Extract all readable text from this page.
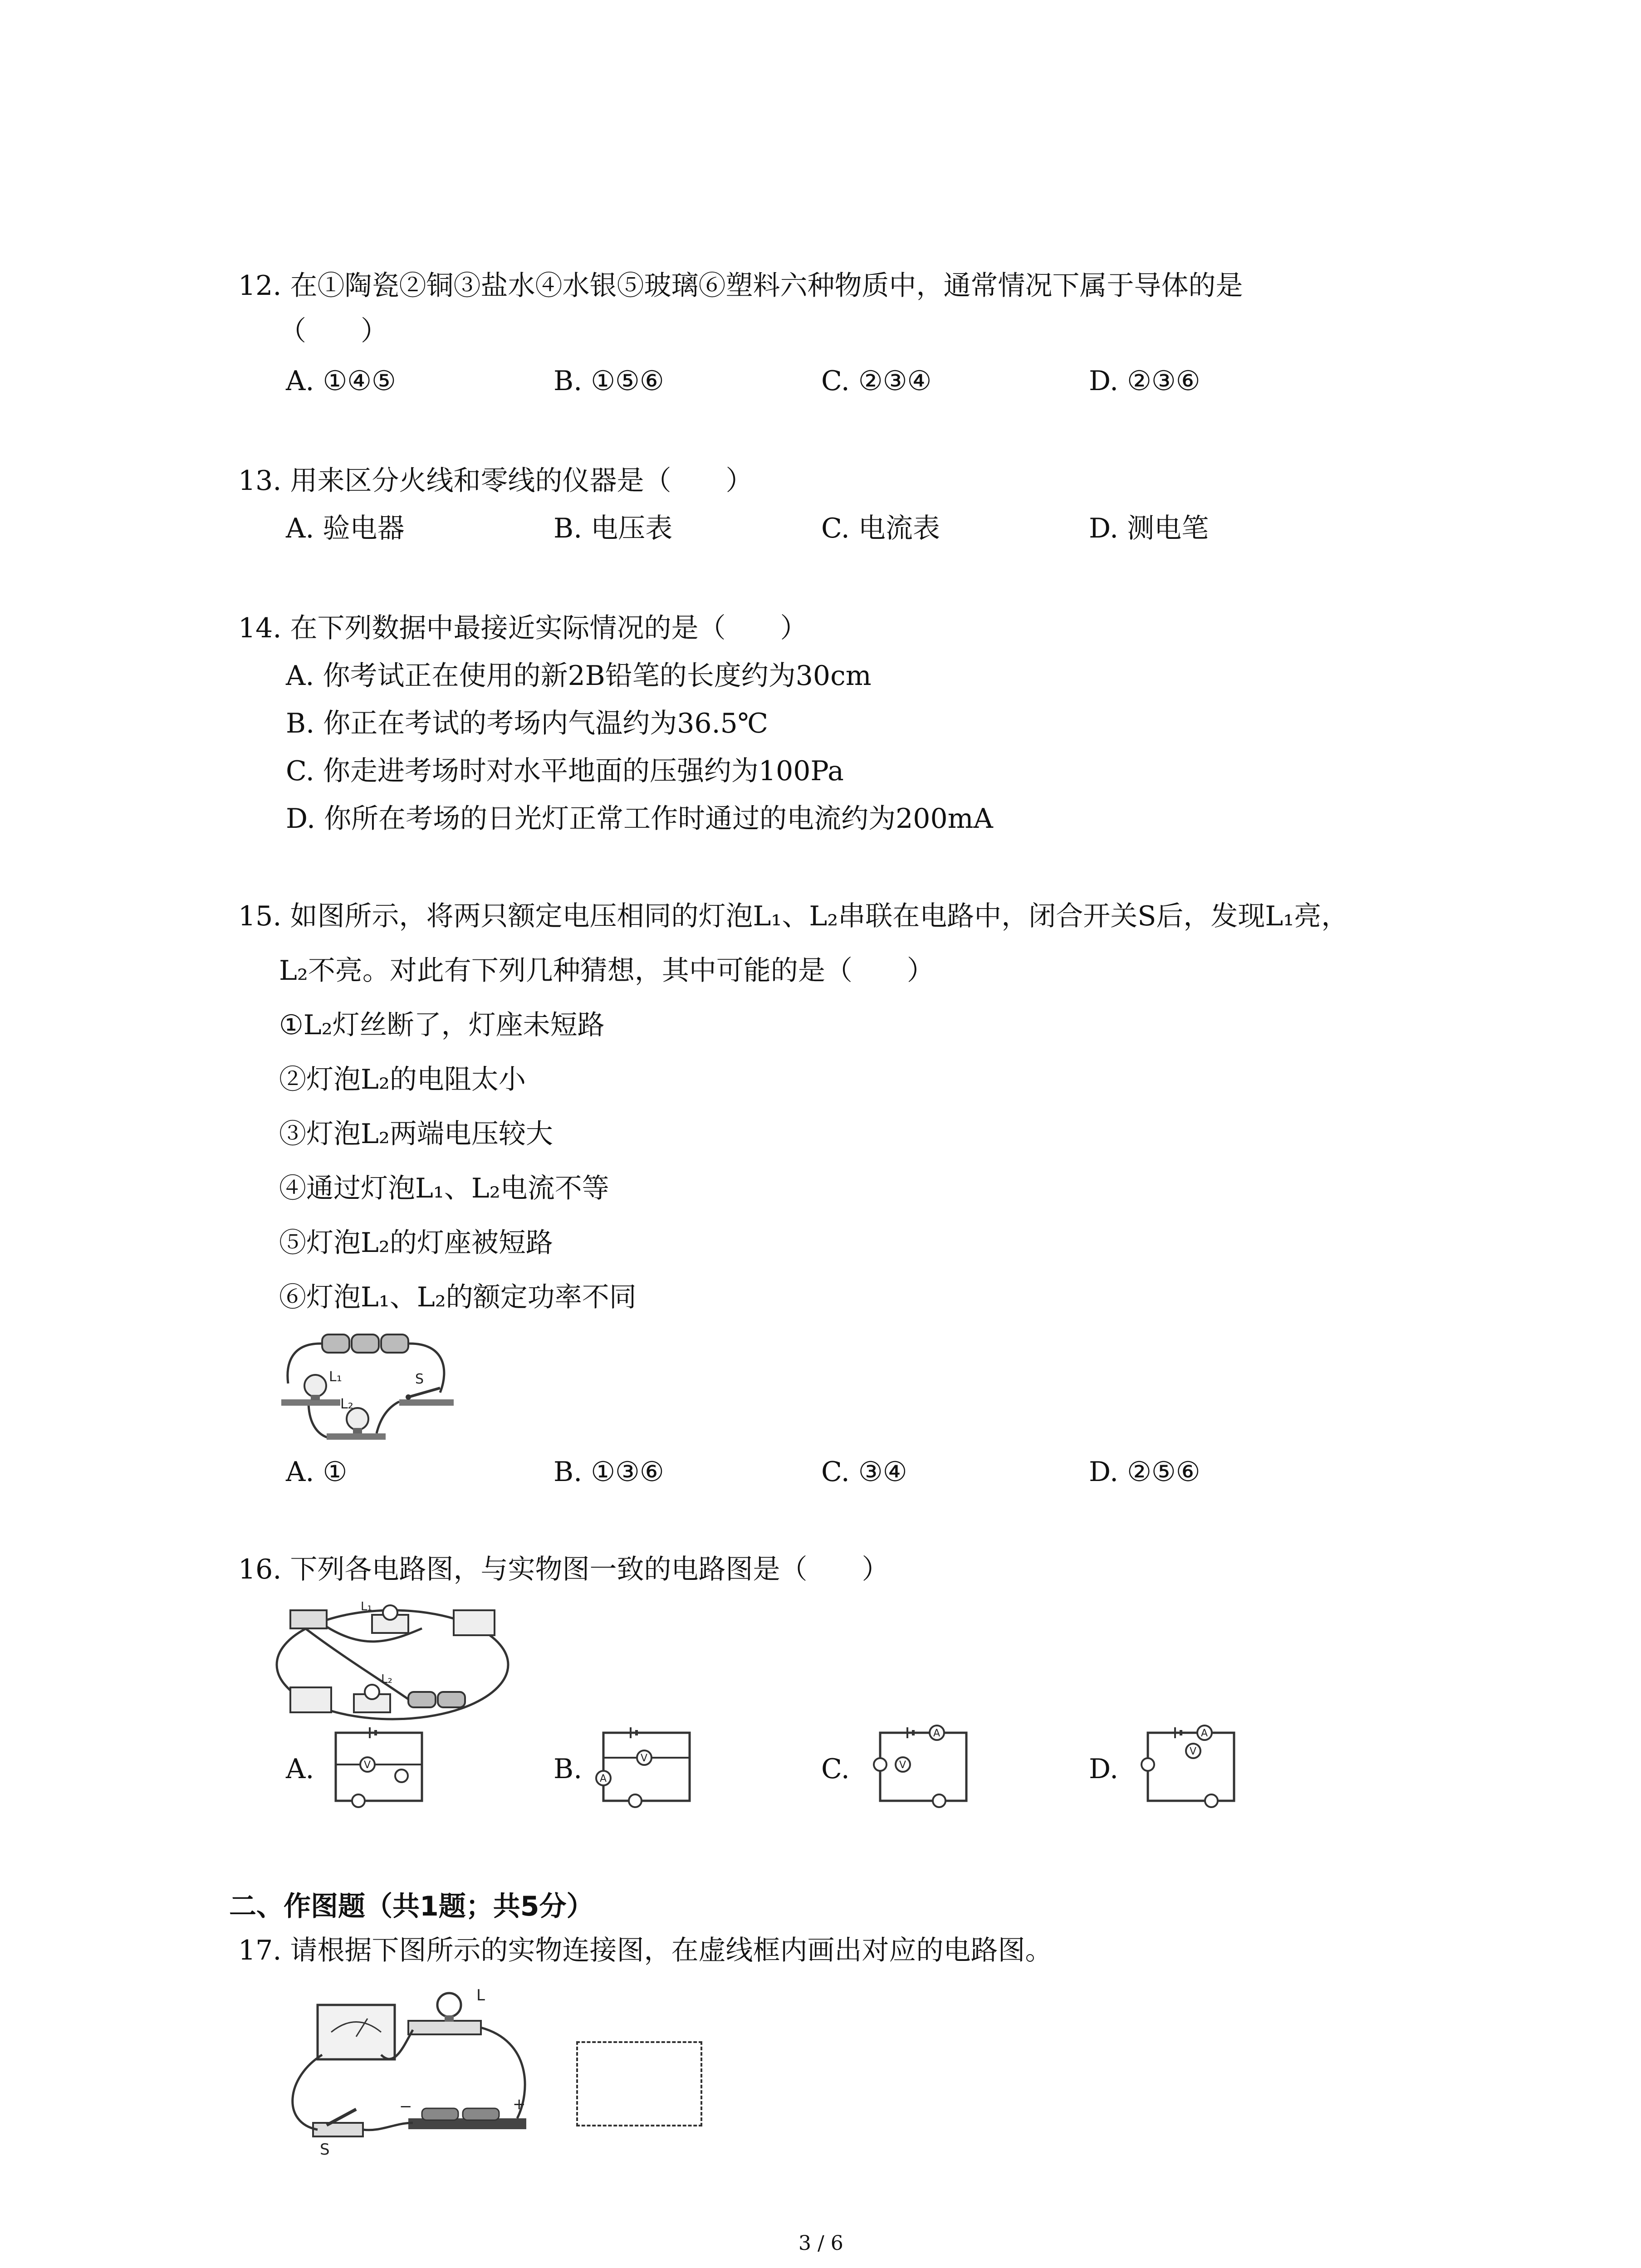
12. 在①陶瓷②铜③盐水④水银⑤玻璃⑥塑料六种物质中，通常情况下属于导体的是
（　　）
A. ①④⑤	B. ①⑤⑥	C. ②③④	D. ②③⑥
13. 用来区分火线和零线的仪器是（　　）
A. 验电器	B. 电压表	C. 电流表	D. 测电笔
14. 在下列数据中最接近实际情况的是（　　）
A. 你考试正在使用的新2B铅笔的长度约为30cm
B. 你正在考试的考场内气温约为36.5℃
C. 你走进考场时对水平地面的压强约为100Pa
D. 你所在考场的日光灯正常工作时通过的电流约为200mA
15. 如图所示，将两只额定电压相同的灯泡L₁、L₂串联在电路中，闭合开关S后，发现L₁亮，
L₂不亮。对此有下列几种猜想，其中可能的是（　　）
①L₂灯丝断了，灯座未短路
②灯泡L₂的电阻太小
③灯泡L₂两端电压较大
④通过灯泡L₁、L₂电流不等
⑤灯泡L₂的灯座被短路
⑥灯泡L₁、L₂的额定功率不同
L₁
L₂
S
A. ①	B. ①③⑥	C. ③④	D. ②⑤⑥
16. 下列各电路图，与实物图一致的电路图是（　　）
L₁
L₂
A.	V	B.	V
A	C.
A
V	D.
A
V
二、作图题（共1题；共5分）
17. 请根据下图所示的实物连接图，在虚线框内画出对应的电路图。
L
S
−	+
3 / 6
